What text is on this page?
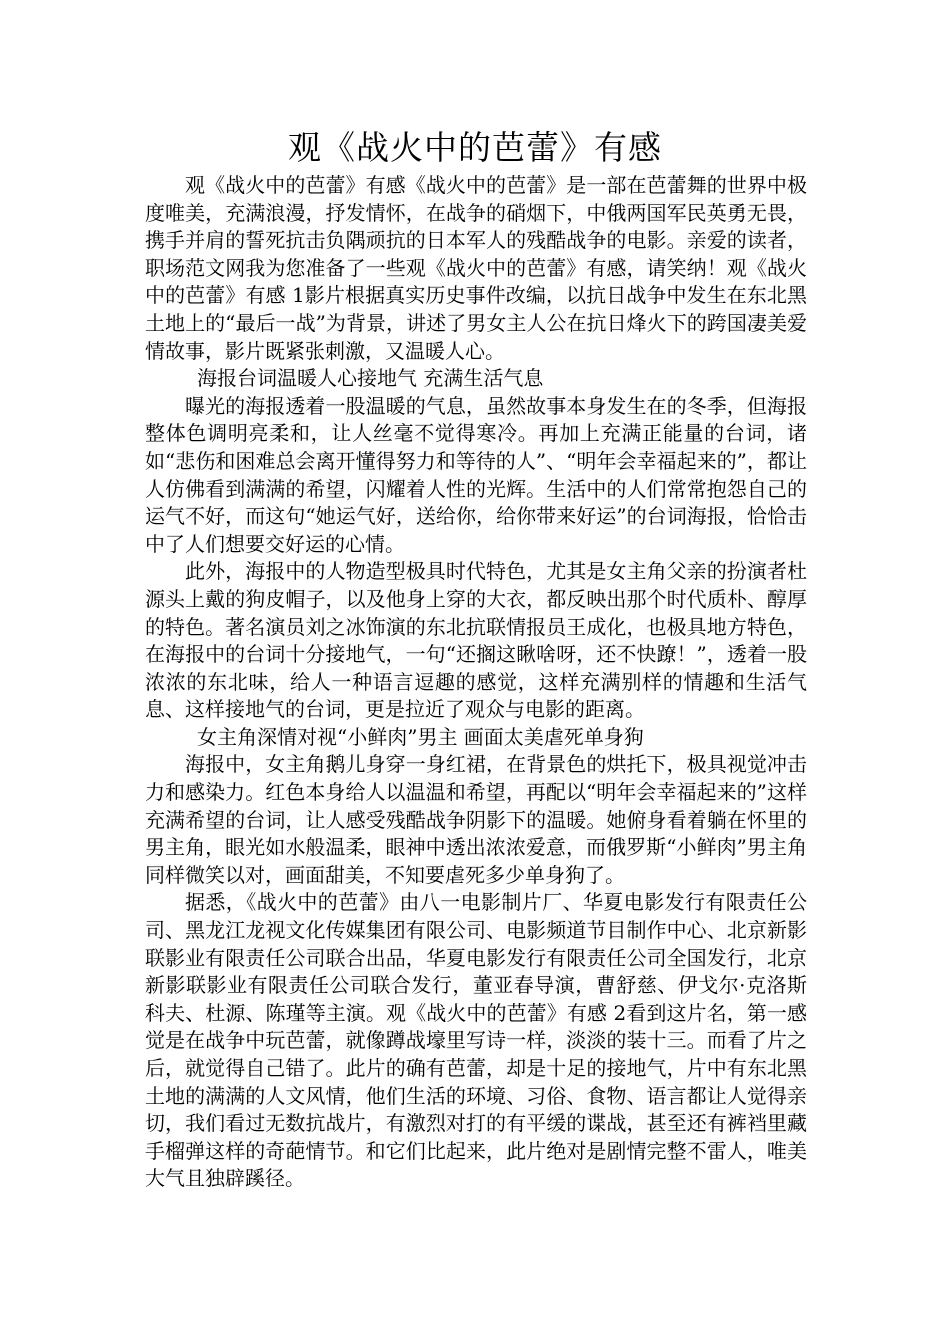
观《战火中的芭蕾》有感

观《战火中的芭蕾》有感《战火中的芭蕾》是一部在芭蕾舞的世界中极度唯美，充满浪漫，抒发情怀，在战争的硝烟下，中俄两国军民英勇无畏，携手并肩的誓死抗击负隅顽抗的日本军人的残酷战争的电影。亲爱的读者，职场范文网我为您准备了一些观《战火中的芭蕾》有感，请笑纳！观《战火中的芭蕾》有感 1影片根据真实历史事件改编，以抗日战争中发生在东北黑土地上的“最后一战”为背景，讲述了男女主人公在抗日烽火下的跨国凄美爱情故事，影片既紧张刺激，又温暖人心。

海报台词温暖人心接地气 充满生活气息

曝光的海报透着一股温暖的气息，虽然故事本身发生在的冬季，但海报整体色调明亮柔和，让人丝毫不觉得寒冷。再加上充满正能量的台词，诸如“悲伤和困难总会离开懂得努力和等待的人”、“明年会幸福起来的”，都让人仿佛看到满满的希望，闪耀着人性的光辉。生活中的人们常常抱怨自己的运气不好，而这句“她运气好，送给你，给你带来好运”的台词海报，恰恰击中了人们想要交好运的心情。

此外，海报中的人物造型极具时代特色，尤其是女主角父亲的扮演者杜源头上戴的狗皮帽子，以及他身上穿的大衣，都反映出那个时代质朴、醇厚的特色。著名演员刘之冰饰演的东北抗联情报员王成化，也极具地方特色，在海报中的台词十分接地气，一句“还搁这瞅啥呀，还不快蹽！”，透着一股浓浓的东北味，给人一种语言逗趣的感觉，这样充满别样的情趣和生活气息、这样接地气的台词，更是拉近了观众与电影的距离。

女主角深情对视“小鲜肉”男主 画面太美虐死单身狗

海报中，女主角鹅儿身穿一身红裙，在背景色的烘托下，极具视觉冲击力和感染力。红色本身给人以温温和希望，再配以“明年会幸福起来的”这样充满希望的台词，让人感受残酷战争阴影下的温暖。她俯身看着躺在怀里的男主角，眼光如水般温柔，眼神中透出浓浓爱意，而俄罗斯“小鲜肉”男主角同样微笑以对，画面甜美，不知要虐死多少单身狗了。

据悉，《战火中的芭蕾》由八一电影制片厂、华夏电影发行有限责任公司、黑龙江龙视文化传媒集团有限公司、电影频道节目制作中心、北京新影联影业有限责任公司联合出品，华夏电影发行有限责任公司全国发行，北京新影联影业有限责任公司联合发行，董亚春导演，曹舒慈、伊戈尔·克洛斯科夫、杜源、陈瑾等主演。观《战火中的芭蕾》有感 2看到这片名，第一感觉是在战争中玩芭蕾，就像蹲战壕里写诗一样，淡淡的装十三。而看了片之后，就觉得自己错了。此片的确有芭蕾，却是十足的接地气，片中有东北黑土地的满满的人文风情，他们生活的环境、习俗、食物、语言都让人觉得亲切，我们看过无数抗战片，有激烈对打的有平缓的谍战，甚至还有裤裆里藏手榴弹这样的奇葩情节。和它们比起来，此片绝对是剧情完整不雷人，唯美大气且独辟蹊径。
